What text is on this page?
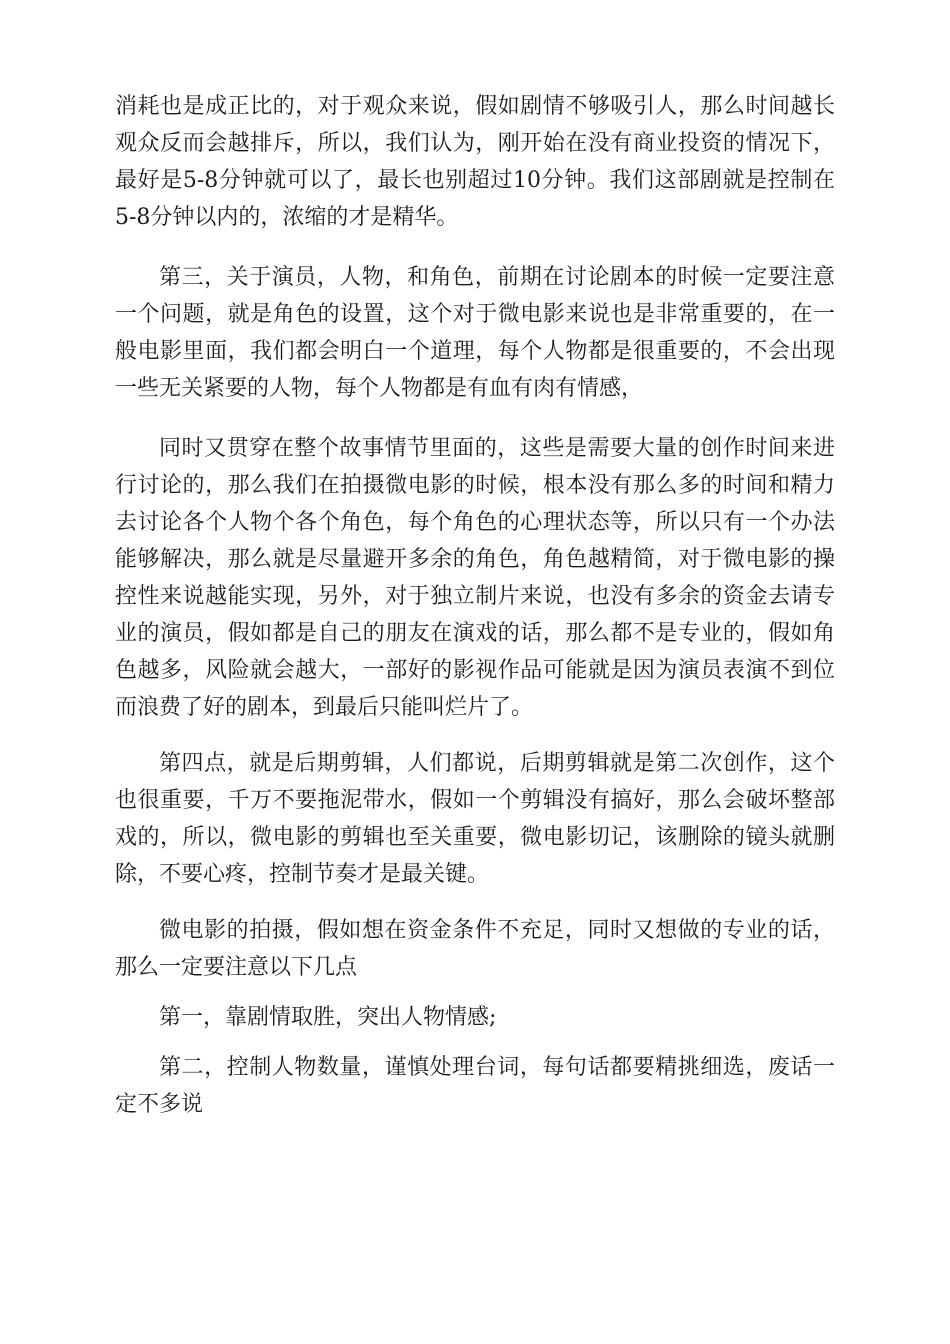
消耗也是成正比的，对于观众来说，假如剧情不够吸引人，那么时间越长观众反而会越排斥，所以，我们认为，刚开始在没有商业投资的情况下，最好是5-8分钟就可以了，最长也别超过10分钟。我们这部剧就是控制在5-8分钟以内的，浓缩的才是精华。

第三，关于演员，人物，和角色，前期在讨论剧本的时候一定要注意一个问题，就是角色的设置，这个对于微电影来说也是非常重要的，在一般电影里面，我们都会明白一个道理，每个人物都是很重要的，不会出现一些无关紧要的人物，每个人物都是有血有肉有情感，

同时又贯穿在整个故事情节里面的，这些是需要大量的创作时间来进行讨论的，那么我们在拍摄微电影的时候，根本没有那么多的时间和精力去讨论各个人物个各个角色，每个角色的心理状态等，所以只有一个办法能够解决，那么就是尽量避开多余的角色，角色越精简，对于微电影的操控性来说越能实现，另外，对于独立制片来说，也没有多余的资金去请专业的演员，假如都是自己的朋友在演戏的话，那么都不是专业的，假如角色越多，风险就会越大，一部好的影视作品可能就是因为演员表演不到位而浪费了好的剧本，到最后只能叫烂片了。

第四点，就是后期剪辑，人们都说，后期剪辑就是第二次创作，这个也很重要，千万不要拖泥带水，假如一个剪辑没有搞好，那么会破坏整部戏的，所以，微电影的剪辑也至关重要，微电影切记，该删除的镜头就删除，不要心疼，控制节奏才是最关键。

微电影的拍摄，假如想在资金条件不充足，同时又想做的专业的话，那么一定要注意以下几点

第一，靠剧情取胜，突出人物情感;

第二，控制人物数量，谨慎处理台词，每句话都要精挑细选，废话一定不多说
